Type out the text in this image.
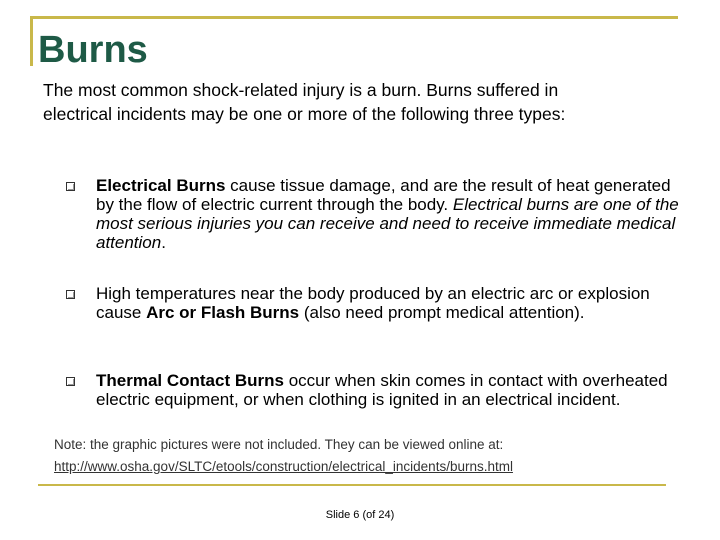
Burns
The most common shock-related injury is a burn. Burns suffered in electrical incidents may be one or more of the following three types:
Electrical Burns cause tissue damage, and are the result of heat generated by the flow of electric current through the body. Electrical burns are one of the most serious injuries you can receive and need to receive immediate medical attention.
High temperatures near the body produced by an electric arc or explosion cause Arc or Flash Burns (also need prompt medical attention).
Thermal Contact Burns occur when skin comes in contact with overheated electric equipment, or when clothing is ignited in an electrical incident.
Note: the graphic pictures were not included. They can be viewed online at:
http://www.osha.gov/SLTC/etools/construction/electrical_incidents/burns.html
Slide 6 (of 24)
